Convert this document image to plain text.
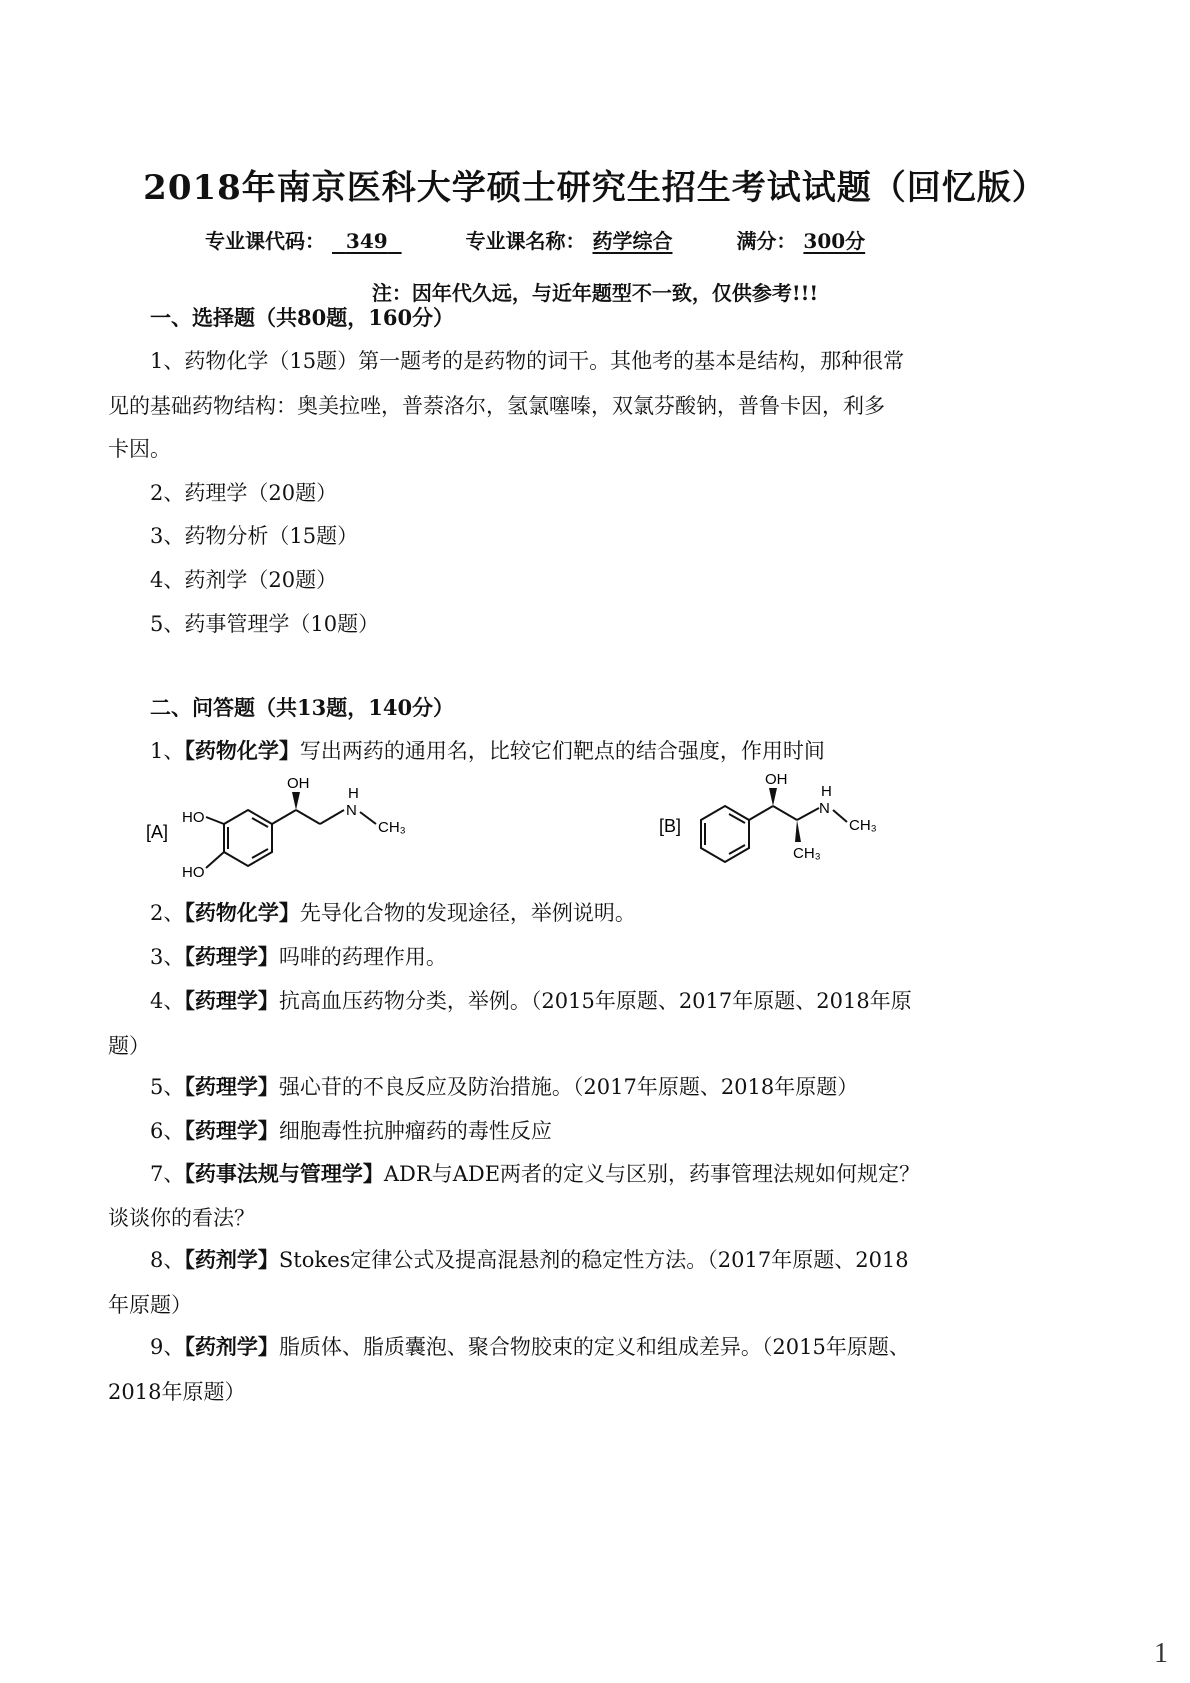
2018年南京医科大学硕士研究生招生考试试题（回忆版）
专业课代码： 349	专业课名称： 药学综合	满分： 300分
注：因年代久远，与近年题型不一致，仅供参考!!!
一、选择题（共80题，160分）
1、药物化学（15题）第一题考的是药物的词干。其他考的基本是结构，那种很常
见的基础药物结构：奥美拉唑，普萘洛尔，氢氯噻嗪，双氯芬酸钠，普鲁卡因，利多
卡因。
2、药理学（20题）
3、药物分析（15题）
4、药剂学（20题）
5、药事管理学（10题）
二、问答题（共13题，140分）
1、【药物化学】写出两药的通用名，比较它们靶点的结合强度，作用时间
[A]
HO
HO
OH
H
N
CH₃	[B]
OH
CH₃
H
N
CH₃
2、【药物化学】先导化合物的发现途径，举例说明。
3、【药理学】吗啡的药理作用。
4、【药理学】抗高血压药物分类，举例。（2015年原题、2017年原题、2018年原
题）
5、【药理学】强心苷的不良反应及防治措施。（2017年原题、2018年原题）
6、【药理学】细胞毒性抗肿瘤药的毒性反应
7、【药事法规与管理学】ADR与ADE两者的定义与区别，药事管理法规如何规定？
谈谈你的看法？
8、【药剂学】Stokes定律公式及提高混悬剂的稳定性方法。（2017年原题、2018
年原题）
9、【药剂学】脂质体、脂质囊泡、聚合物胶束的定义和组成差异。（2015年原题、
2018年原题）
1
